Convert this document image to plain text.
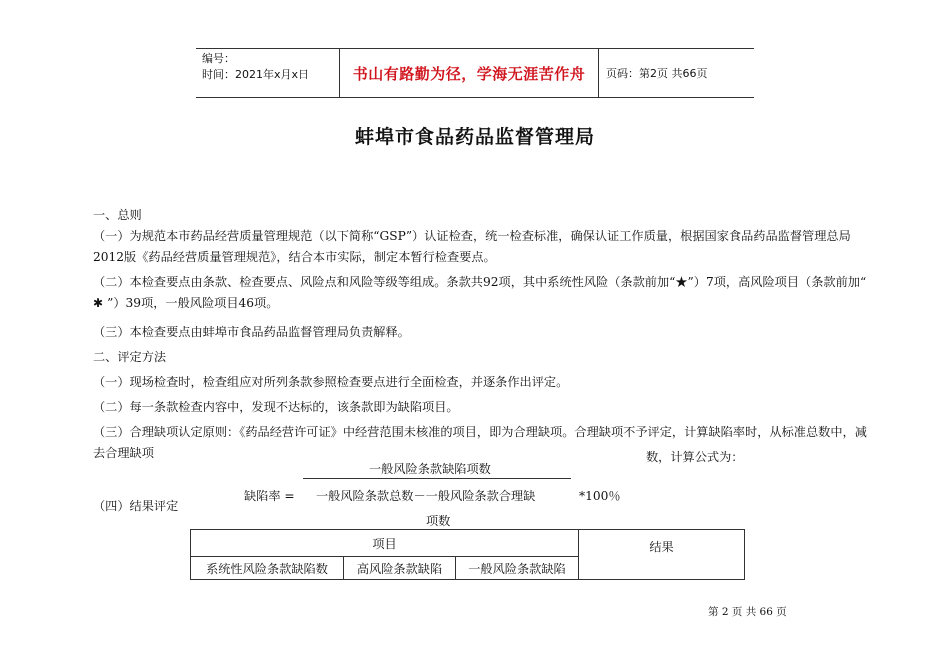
编号：
时间：2021年x月x日	书山有路勤为径，学海无涯苦作舟	页码：第2页 共66页
蚌埠市食品药品监督管理局
一、总则
（一）为规范本市药品经营质量管理规范（以下简称“GSP”）认证检查，统一检查标准，确保认证工作质量，根据国家食品药品监督管理总局2012版《药品经营质量管理规范》，结合本市实际，制定本暂行检查要点。
（二）本检查要点由条款、检查要点、风险点和风险等级等组成。条款共92项，其中系统性风险（条款前加“★”）7项，高风险项目（条款前加“ ✱ ”）39项，一般风险项目46项。
（三）本检查要点由蚌埠市食品药品监督管理局负责解释。
二、评定方法
（一）现场检查时，检查组应对所列条款参照检查要点进行全面检查，并逐条作出评定。
（二）每一条款检查内容中，发现不达标的，该条款即为缺陷项目。
（三）合理缺项认定原则：《药品经营许可证》中经营范围未核准的项目，即为合理缺项。合理缺项不予评定，计算缺陷率时，从标准总数中，减去合理缺项	数，计算公式为：
一般风险条款缺陷项数
缺陷率 = 一般风险条款总数－一般风险条款合理缺
项数
*100％
（四）结果评定
项目			结果
系统性风险条款缺陷数	高风险条款缺陷	一般风险条款缺陷	
第 2 页 共 66 页
